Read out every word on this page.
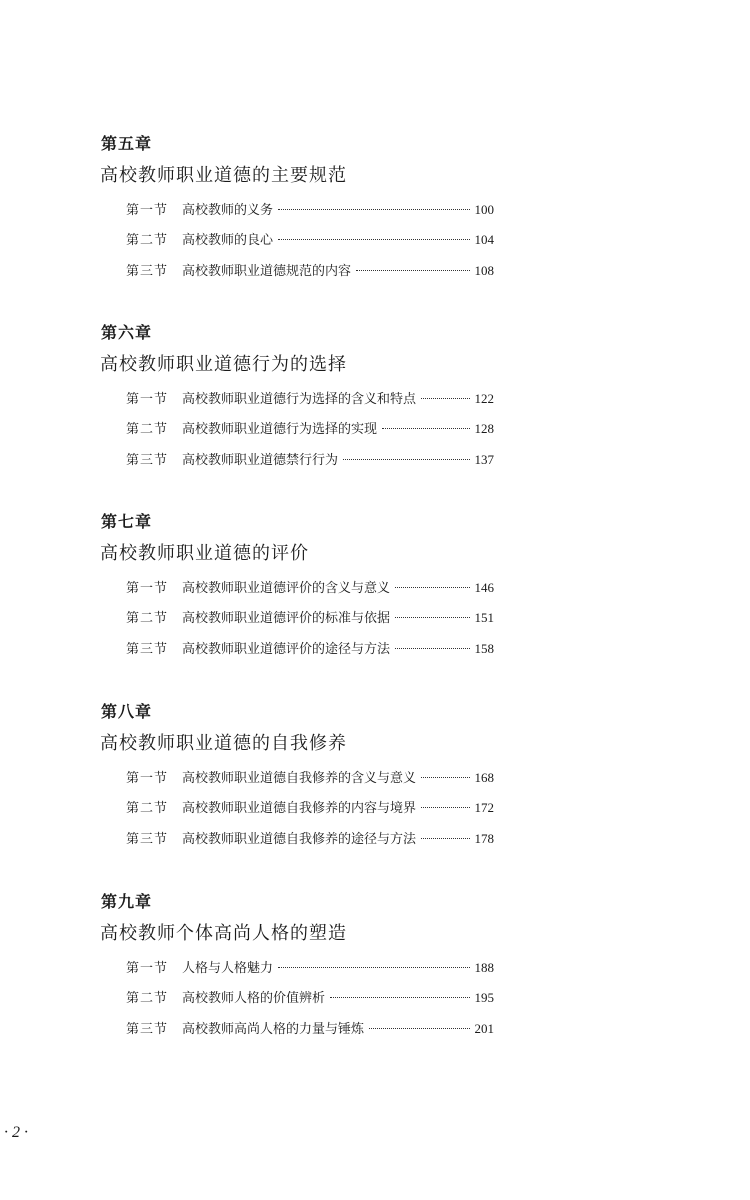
第五章
高校教师职业道德的主要规范
第一节	高校教师的义务	100
第二节	高校教师的良心	104
第三节	高校教师职业道德规范的内容	108
第六章
高校教师职业道德行为的选择
第一节	高校教师职业道德行为选择的含义和特点	122
第二节	高校教师职业道德行为选择的实现	128
第三节	高校教师职业道德禁行行为	137
第七章
高校教师职业道德的评价
第一节	高校教师职业道德评价的含义与意义	146
第二节	高校教师职业道德评价的标准与依据	151
第三节	高校教师职业道德评价的途径与方法	158
第八章
高校教师职业道德的自我修养
第一节	高校教师职业道德自我修养的含义与意义	168
第二节	高校教师职业道德自我修养的内容与境界	172
第三节	高校教师职业道德自我修养的途径与方法	178
第九章
高校教师个体高尚人格的塑造
第一节	人格与人格魅力	188
第二节	高校教师人格的价值辨析	195
第三节	高校教师高尚人格的力量与锤炼	201
· 2 ·
